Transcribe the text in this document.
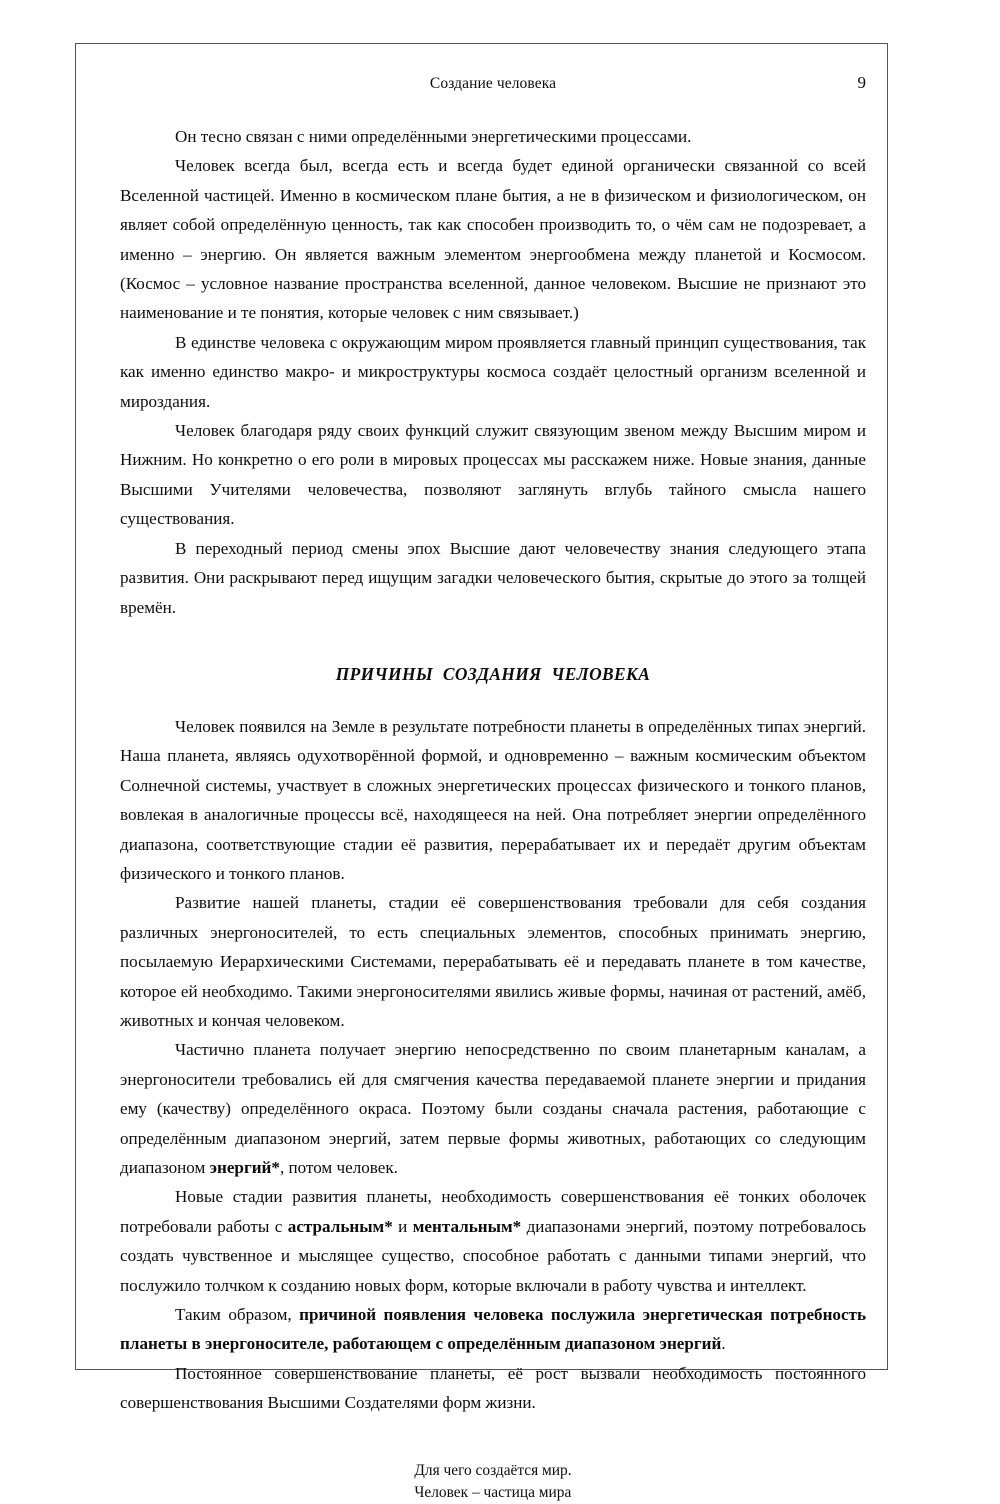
Создание человека	9

Он тесно связан с ними определёнными энергетическими процессами.

Человек всегда был, всегда есть и всегда будет единой органически связанной со всей Вселенной частицей. Именно в космическом плане бытия, а не в физическом и физиологическом, он являет собой определённую ценность, так как способен производить то, о чём сам не подозревает, а именно – энергию. Он является важным элементом энергообмена между планетой и Космосом. (Космос – условное название пространства вселенной, данное человеком. Высшие не признают это наименование и те понятия, которые человек с ним связывает.)

В единстве человека с окружающим миром проявляется главный принцип существования, так как именно единство макро- и микроструктуры космоса создаёт целостный организм вселенной и мироздания.

Человек благодаря ряду своих функций служит связующим звеном между Высшим миром и Нижним. Но конкретно о его роли в мировых процессах мы расскажем ниже. Новые знания, данные Высшими Учителями человечества, позволяют заглянуть вглубь тайного смысла нашего существования.

В переходный период смены эпох Высшие дают человечеству знания следующего этапа развития. Они раскрывают перед ищущим загадки человеческого бытия, скрытые до этого за толщей времён.

ПРИЧИНЫ СОЗДАНИЯ ЧЕЛОВЕКА

Человек появился на Земле в результате потребности планеты в определённых типах энергий. Наша планета, являясь одухотворённой формой, и одновременно – важным космическим объектом Солнечной системы, участвует в сложных энергетических процессах физического и тонкого планов, вовлекая в аналогичные процессы всё, находящееся на ней. Она потребляет энергии определённого диапазона, соответствующие стадии её развития, перерабатывает их и передаёт другим объектам физического и тонкого планов.

Развитие нашей планеты, стадии её совершенствования требовали для себя создания различных энергоносителей, то есть специальных элементов, способных принимать энергию, посылаемую Иерархическими Системами, перерабатывать её и передавать планете в том качестве, которое ей необходимо. Такими энергоносителями явились живые формы, начиная от растений, амёб, животных и кончая человеком.

Частично планета получает энергию непосредственно по своим планетарным каналам, а энергоносители требовались ей для смягчения качества передаваемой планете энергии и придания ему (качеству) определённого окраса. Поэтому были созданы сначала растения, работающие с определённым диапазоном энергий, затем первые формы животных, работающих со следующим диапазоном энергий*, потом человек.

Новые стадии развития планеты, необходимость совершенствования её тонких оболочек потребовали работы с астральным* и ментальным* диапазонами энергий, поэтому потребовалось создать чувственное и мыслящее существо, способное работать с данными типами энергий, что послужило толчком к созданию новых форм, которые включали в работу чувства и интеллект.

Таким образом, причиной появления человека послужила энергетическая потребность планеты в энергоносителе, работающем с определённым диапазоном энергий.

Постоянное совершенствование планеты, её рост вызвали необходимость постоянного совершенствования Высшими Создателями форм жизни.

Для чего создаётся мир.
Человек – частица мира
